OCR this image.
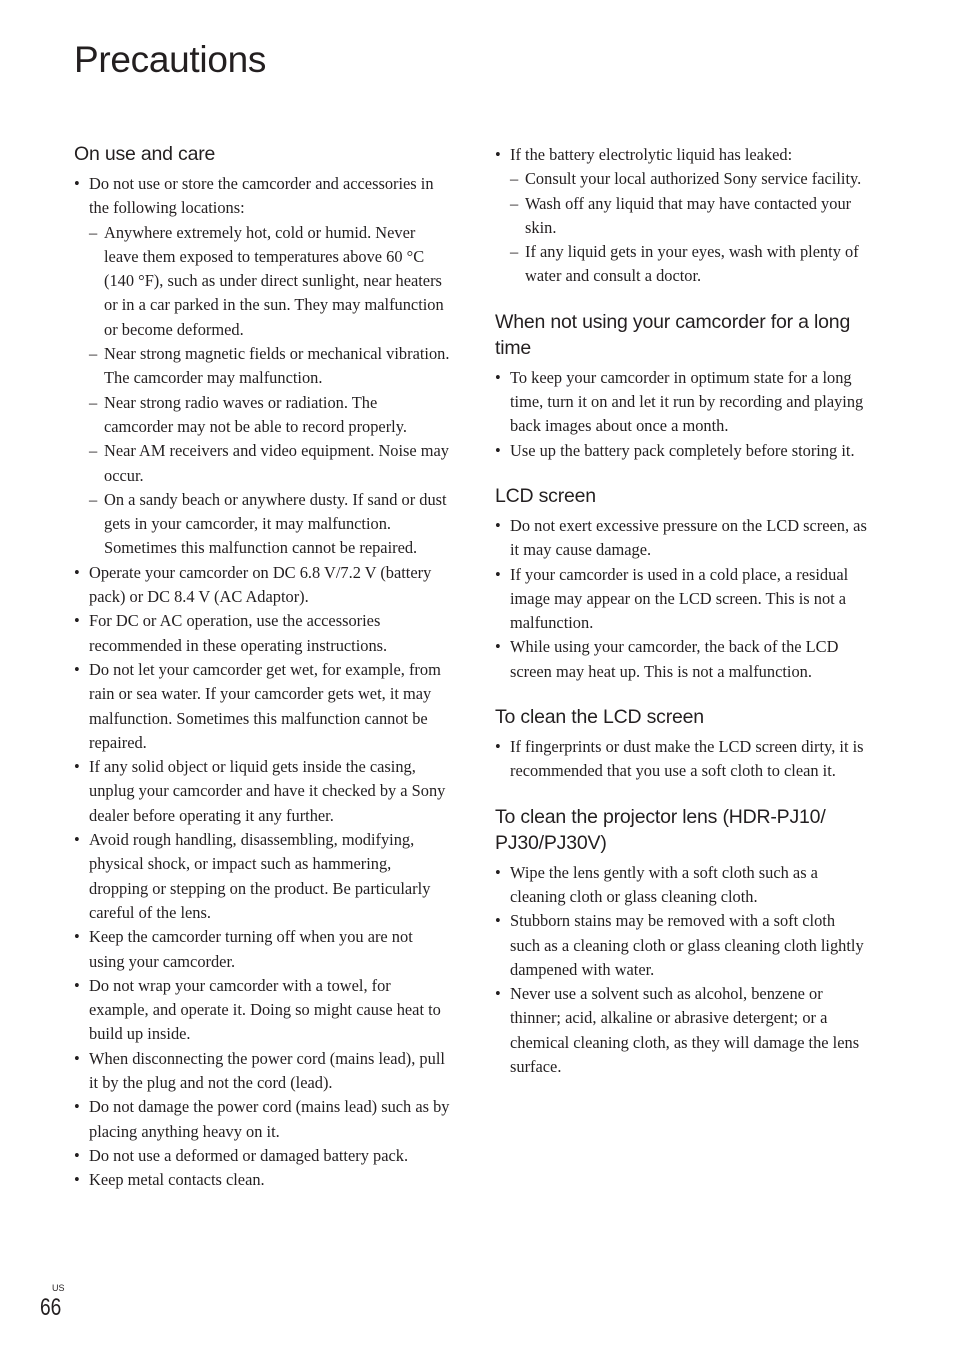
Precautions
On use and care
• Do not use or store the camcorder and accessories in the following locations:
– Anywhere extremely hot, cold or humid. Never leave them exposed to temperatures above 60 °C (140 °F), such as under direct sunlight, near heaters or in a car parked in the sun. They may malfunction or become deformed.
– Near strong magnetic fields or mechanical vibration. The camcorder may malfunction.
– Near strong radio waves or radiation. The camcorder may not be able to record properly.
– Near AM receivers and video equipment. Noise may occur.
– On a sandy beach or anywhere dusty. If sand or dust gets in your camcorder, it may malfunction. Sometimes this malfunction cannot be repaired.
• Operate your camcorder on DC 6.8 V/7.2 V (battery pack) or DC 8.4 V (AC Adaptor).
• For DC or AC operation, use the accessories recommended in these operating instructions.
• Do not let your camcorder get wet, for example, from rain or sea water. If your camcorder gets wet, it may malfunction. Sometimes this malfunction cannot be repaired.
• If any solid object or liquid gets inside the casing, unplug your camcorder and have it checked by a Sony dealer before operating it any further.
• Avoid rough handling, disassembling, modifying, physical shock, or impact such as hammering, dropping or stepping on the product. Be particularly careful of the lens.
• Keep the camcorder turning off when you are not using your camcorder.
• Do not wrap your camcorder with a towel, for example, and operate it. Doing so might cause heat to build up inside.
• When disconnecting the power cord (mains lead), pull it by the plug and not the cord (lead).
• Do not damage the power cord (mains lead) such as by placing anything heavy on it.
• Do not use a deformed or damaged battery pack.
• Keep metal contacts clean.
• If the battery electrolytic liquid has leaked:
– Consult your local authorized Sony service facility.
– Wash off any liquid that may have contacted your skin.
– If any liquid gets in your eyes, wash with plenty of water and consult a doctor.
When not using your camcorder for a long time
• To keep your camcorder in optimum state for a long time, turn it on and let it run by recording and playing back images about once a month.
• Use up the battery pack completely before storing it.
LCD screen
• Do not exert excessive pressure on the LCD screen, as it may cause damage.
• If your camcorder is used in a cold place, a residual image may appear on the LCD screen. This is not a malfunction.
• While using your camcorder, the back of the LCD screen may heat up. This is not a malfunction.
To clean the LCD screen
• If fingerprints or dust make the LCD screen dirty, it is recommended that you use a soft cloth to clean it.
To clean the projector lens (HDR-PJ10/ PJ30/PJ30V)
• Wipe the lens gently with a soft cloth such as a cleaning cloth or glass cleaning cloth.
• Stubborn stains may be removed with a soft cloth such as a cleaning cloth or glass cleaning cloth lightly dampened with water.
• Never use a solvent such as alcohol, benzene or thinner; acid, alkaline or abrasive detergent; or a chemical cleaning cloth, as they will damage the lens surface.
US
66
